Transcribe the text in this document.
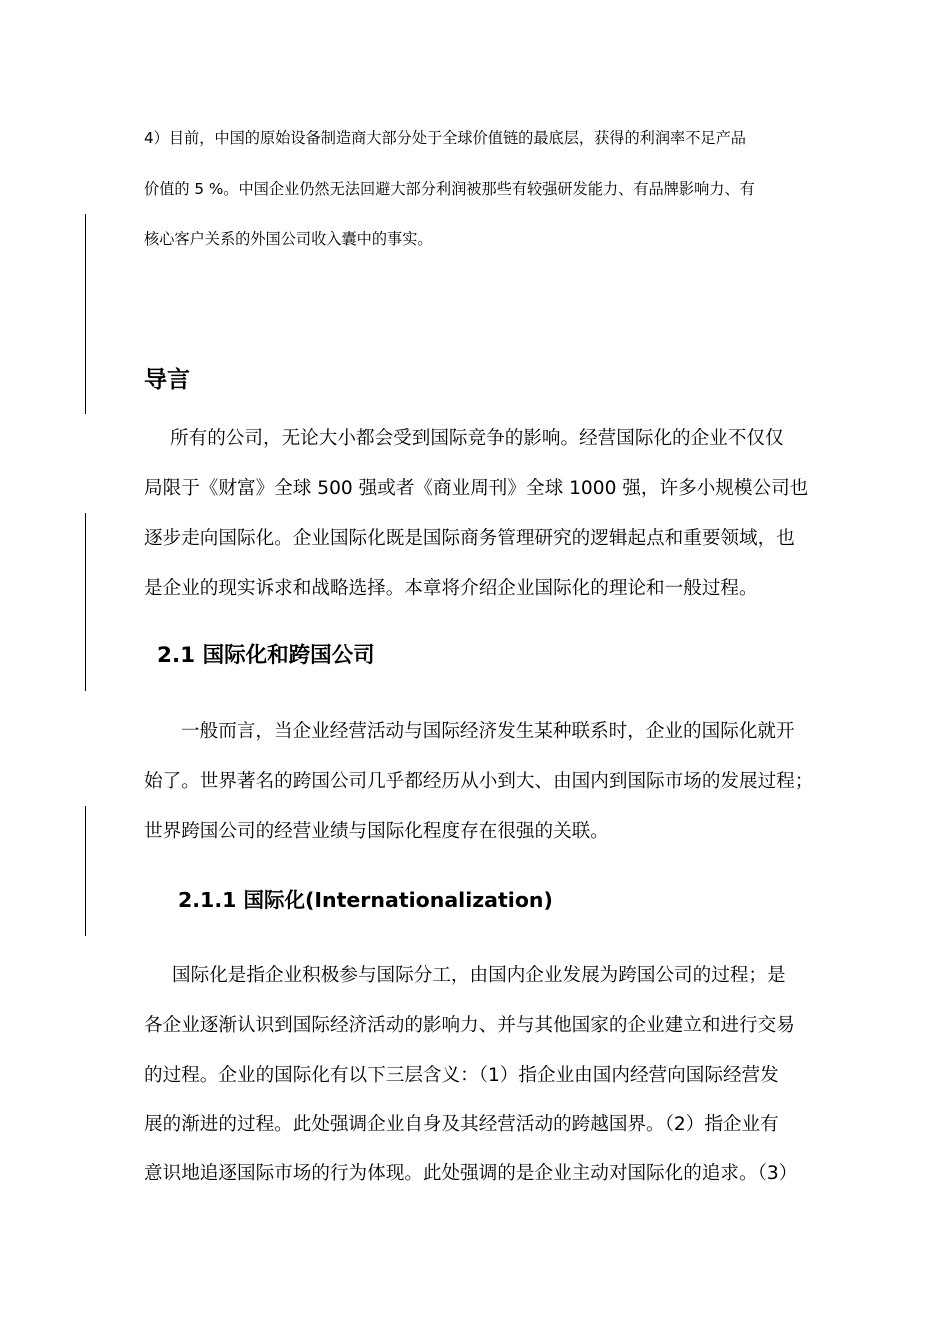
4）目前，中国的原始设备制造商大部分处于全球价值链的最底层，获得的利润率不足产品
价值的 5 %。中国企业仍然无法回避大部分利润被那些有较强研发能力、有品牌影响力、有
核心客户关系的外国公司收入囊中的事实。
导言
所有的公司，无论大小都会受到国际竞争的影响。经营国际化的企业不仅仅
局限于《财富》全球 500 强或者《商业周刊》全球 1000 强，许多小规模公司也
逐步走向国际化。企业国际化既是国际商务管理研究的逻辑起点和重要领域，也
是企业的现实诉求和战略选择。本章将介绍企业国际化的理论和一般过程。
2.1 国际化和跨国公司
一般而言，当企业经营活动与国际经济发生某种联系时，企业的国际化就开
始了。世界著名的跨国公司几乎都经历从小到大、由国内到国际市场的发展过程；
世界跨国公司的经营业绩与国际化程度存在很强的关联。
2.1.1 国际化(Internationalization)
国际化是指企业积极参与国际分工，由国内企业发展为跨国公司的过程；是
各企业逐渐认识到国际经济活动的影响力、并与其他国家的企业建立和进行交易
的过程。企业的国际化有以下三层含义：（1）指企业由国内经营向国际经营发
展的渐进的过程。此处强调企业自身及其经营活动的跨越国界。（2）指企业有
意识地追逐国际市场的行为体现。此处强调的是企业主动对国际化的追求。（3）
